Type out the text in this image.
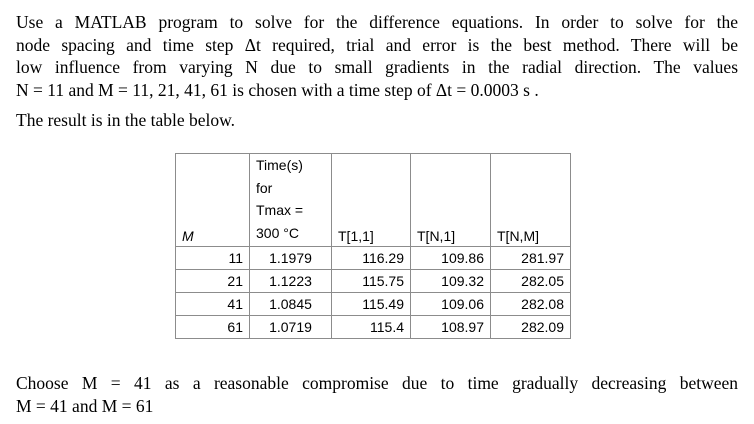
Use a MATLAB program to solve for the difference equations. In order to solve for the
node spacing and time step Δt required, trial and error is the best method. There will be
low influence from varying N due to small gradients in the radial direction. The values
N = 11 and M = 11, 21, 41, 61 is chosen with a time step of Δt = 0.0003 s .
The result is in the table below.
M	Time(s)
for
Tmax =
300 °C	T[1,1]	T[N,1]	T[N,M]
11	1.1979	116.29	109.86	281.97
21	1.1223	115.75	109.32	282.05
41	1.0845	115.49	109.06	282.08
61	1.0719	115.4	108.97	282.09
Choose M = 41 as a reasonable compromise due to time gradually decreasing between
M = 41 and M = 61
